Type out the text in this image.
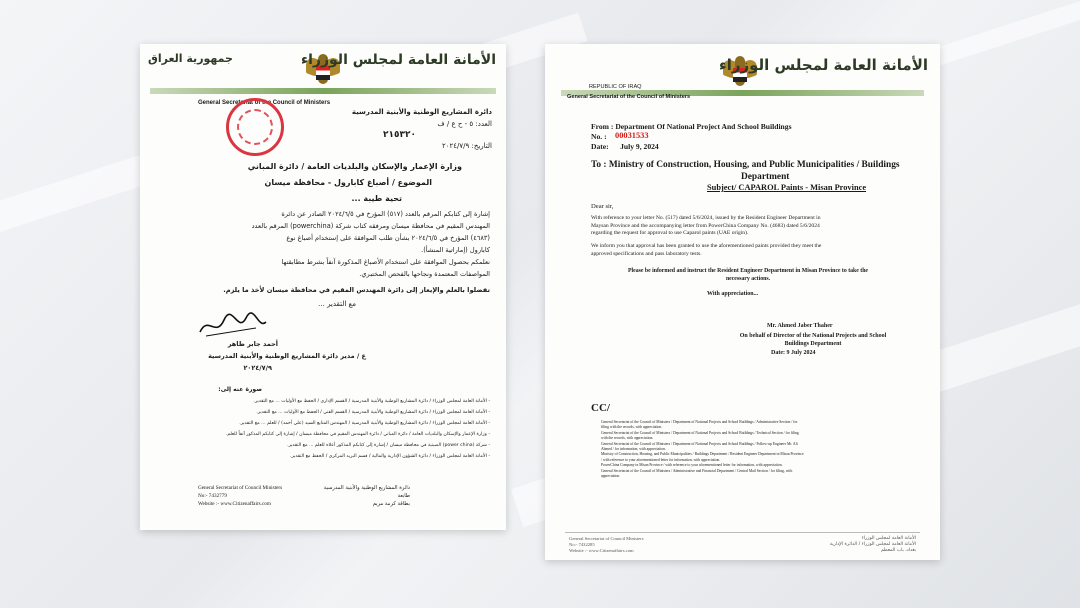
جمهورية العراق	الأمانة العامة لمجلس الوزراء
General Secretariat of the Council of Ministers
دائرة المشاريع الوطنية والأبنية المدرسية
العدد: ٥ - ح ع / ف
٢١٥٣٢٠
التاريخ: ٢٠٢٤/٧/٩
وزارة الإعمار والإسكان والبلديات العامة / دائرة المباني
الموضوع / أصباغ كابارول - محافظة ميسان
تحية طيبة ...
إشارة إلى كتابكم المرقم بالعدد (٥١٧) المؤرخ في ٢٠٢٤/٦/٥ الصادر عن دائرة
المهندس المقيم في محافظة ميسان ومرفقه كتاب شركة (powerchina) المرقم بالعدد
(٤٦٨٣) المؤرخ في ٢٠٢٤/٦/٥ بشأن طلب الموافقة على إستخدام أصباغ نوع
كابارول (إماراتية المنشأ).
نعلمكم بحصول الموافقة على استخدام الأصباغ المذكورة آنفاً بشرط مطابقتها
المواصفات المعتمدة ونجاحها بالفحص المختبري.
تفضلوا بالعلم والإيعاز إلى دائرة المهندس المقيم في محافظة ميسان لأخذ ما يلزم.
مع التقدير ...
أحمد جابر ظاهر
ع / مدير دائرة المشاريع الوطنية والأبنية المدرسية
٢٠٢٤/٧/٩
صورة عنه إلى:
- الأمانة العامة لمجلس الوزراء / دائرة المشاريع الوطنية والأبنية المدرسية / القسم الإداري / الحفظ مع الأوليات ... مع التقدير.
- الأمانة العامة لمجلس الوزراء / دائرة المشاريع الوطنية والأبنية المدرسية / القسم الفني / الحفظ مع الأوليات ... مع التقدير.
- الأمانة العامة لمجلس الوزراء / دائرة المشاريع الوطنية والأبنية المدرسية / المهندس المتابع السيد (علي أحمد) / للعلم ... مع التقدير.
- وزارة الإعمار والإسكان والبلديات العامة / دائرة المباني / دائرة المهندس المقيم في محافظة ميسان / إشارة إلى كتابكم المذكور آنفاً للعلم.
- شركة (power china) الصينية في محافظة ميسان / إشارة إلى كتابكم المذكور أعلاه للعلم ... مع التقدير.
- الأمانة العامة لمجلس الوزراء / دائرة الشؤون الإدارية والمالية / قسم البريد المركزي / الحفظ مع التقدير.
General Secretariat of Council Ministers
No:- 7432779
Website :- www.Citizenaffairs.com
دائرة المشاريع الوطنية والأبنية المدرسية
طابعة
بطاقة كرمة مريم
الأمانة العامة لمجلس الوزراء
REPUBLIC OF IRAQ
General Secretariat of the Council of Ministers
From : Department Of National Project And School Buildings
No. : 00031533
Date:      July 9, 2024
To : Ministry of Construction, Housing, and Public Municipalities / Buildings
Department
Subject/ CAPAROL Paints - Misan Province
Dear sir,
With reference to your letter No. (517) dated 5/6/2024, issued by the Resident Engineer Department in
Maysan Province and the accompanying letter from PowerChina Company No. (4683) dated 5/6/2024
regarding the request for approval to use Caparol paints (UAE origin).
We inform you that approval has been granted to use the aforementioned paints provided they meet the
approved specifications and pass laboratory tests.
Please be informed and instruct the Resident Engineer Department in Misan Province to take the
necessary actions.
With appreciation...
Mr. Ahmed Jaber Thaher
On behalf of Director of the National Projects and School
Buildings Department
Date: 9 July 2024
CC/
General Secretariat of the Council of Ministers / Department of National Projects and School Buildings / Administrative Section / for
filing with the records, with appreciation.
General Secretariat of the Council of Ministers / Department of National Projects and School Buildings / Technical Section / for filing
with the records, with appreciation.
General Secretariat of the Council of Ministers / Department of National Projects and School Buildings / Follow-up Engineer Mr. Ali
Ahmed / for information, with appreciation.
Ministry of Construction, Housing, and Public Municipalities / Buildings Department / Resident Engineer Department in Misan Province
/ with reference to your aforementioned letter for information, with appreciation.
PowerChina Company in Misan Province / with reference to your aforementioned letter for information, with appreciation.
General Secretariat of the Council of Ministers / Administrative and Financial Department / Central Mail Section / for filing, with
appreciation.
General Secretariat of Council Ministers
No:- 7432285
Website :- www.Citizenaffairs.com
الأمانة العامة لمجلس الوزراء
الأمانة العامة لمجلس الوزراء / الدائرة الإدارية
بغداد، باب المعظم
